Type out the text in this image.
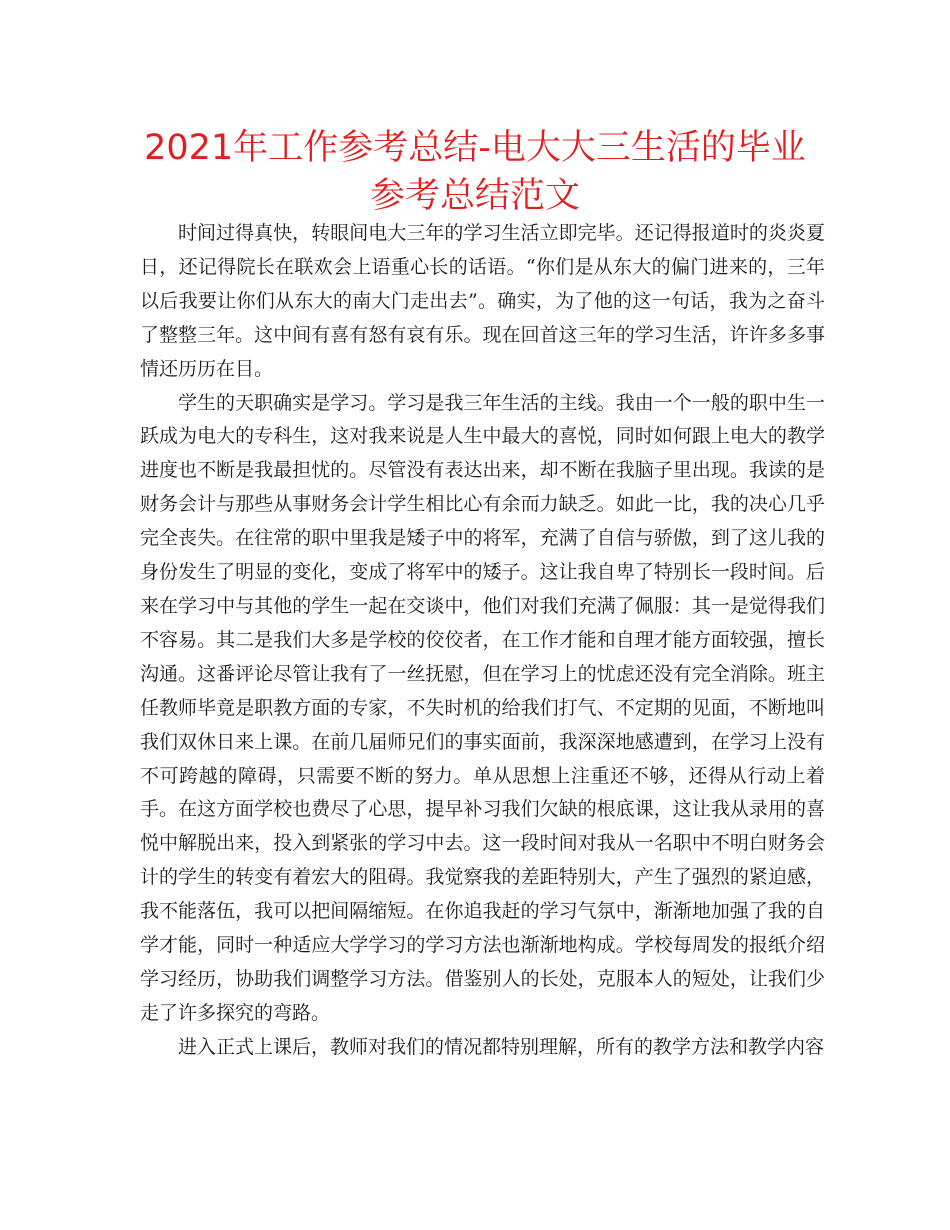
2021年工作参考总结-电大大三生活的毕业参考总结范文

时间过得真快，转眼间电大三年的学习生活立即完毕。还记得报道时的炎炎夏日，还记得院长在联欢会上语重心长的话语。“你们是从东大的偏门进来的，三年以后我要让你们从东大的南大门走出去”。确实，为了他的这一句话，我为之奋斗了整整三年。这中间有喜有怒有哀有乐。现在回首这三年的学习生活，许许多多事情还历历在目。

学生的天职确实是学习。学习是我三年生活的主线。我由一个一般的职中生一跃成为电大的专科生，这对我来说是人生中最大的喜悦，同时如何跟上电大的教学进度也不断是我最担忧的。尽管没有表达出来，却不断在我脑子里出现。我读的是财务会计与那些从事财务会计学生相比心有余而力缺乏。如此一比，我的决心几乎完全丧失。在往常的职中里我是矮子中的将军，充满了自信与骄傲，到了这儿我的身份发生了明显的变化，变成了将军中的矮子。这让我自卑了特别长一段时间。后来在学习中与其他的学生一起在交谈中，他们对我们充满了佩服：其一是觉得我们不容易。其二是我们大多是学校的佼佼者，在工作才能和自理才能方面较强，擅长沟通。这番评论尽管让我有了一丝抚慰，但在学习上的忧虑还没有完全消除。班主任教师毕竟是职教方面的专家，不失时机的给我们打气、不定期的见面，不断地叫我们双休日来上课。在前几届师兄们的事实面前，我深深地感遭到，在学习上没有不可跨越的障碍，只需要不断的努力。单从思想上注重还不够，还得从行动上着手。在这方面学校也费尽了心思，提早补习我们欠缺的根底课，这让我从录用的喜悦中解脱出来，投入到紧张的学习中去。这一段时间对我从一名职中不明白财务会计的学生的转变有着宏大的阻碍。我觉察我的差距特别大，产生了强烈的紧迫感，我不能落伍，我可以把间隔缩短。在你追我赶的学习气氛中，渐渐地加强了我的自学才能，同时一种适应大学学习的学习方法也渐渐地构成。学校每周发的报纸介绍学习经历，协助我们调整学习方法。借鉴别人的长处，克服本人的短处，让我们少走了许多探究的弯路。

进入正式上课后，教师对我们的情况都特别理解，所有的教学方法和教学内容
